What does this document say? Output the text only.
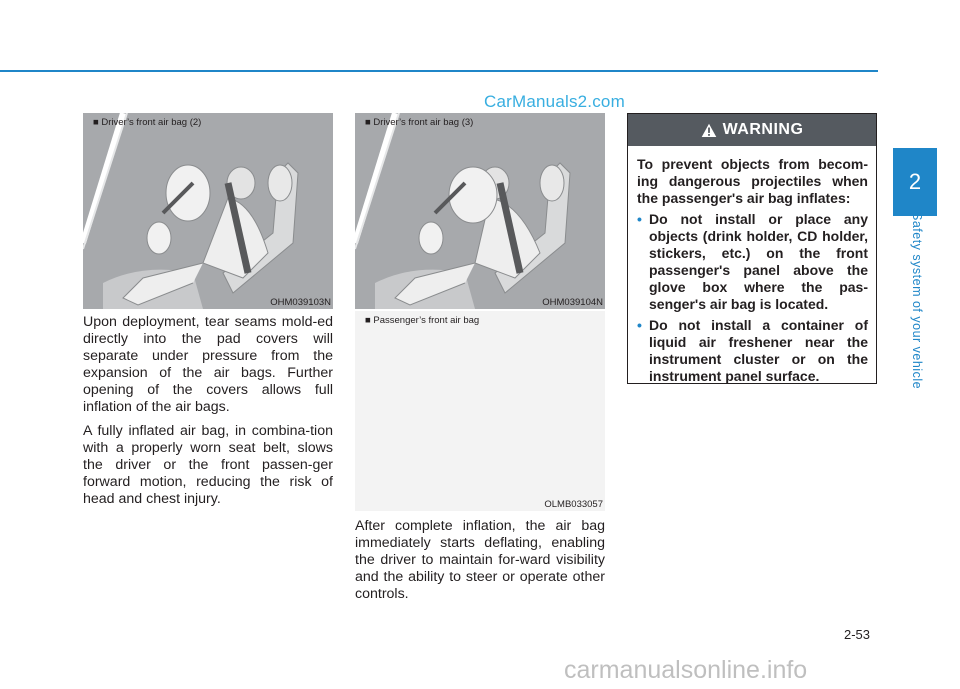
CarManuals2.com
■ Driver’s front air bag (2)
OHM039103N
■ Driver’s front air bag (3)
OHM039104N
■ Passenger’s front air bag
OLMB033057

Upon deployment, tear seams mold-ed directly into the pad covers will separate under pressure from the expansion of the air bags. Further opening of the covers allows full inflation of the air bags.

A fully inflated air bag, in combina-tion with a properly worn seat belt, slows the driver or the front passen-ger forward motion, reducing the risk of head and chest injury.

After complete inflation, the air bag immediately starts deflating, enabling the driver to maintain for-ward visibility and the ability to steer or operate other controls.

WARNING

To prevent objects from becom-ing dangerous projectiles when the passenger's air bag inflates:

• Do not install or place any objects (drink holder, CD holder, stickers, etc.) on the front passenger's panel above the glove box where the pas-senger's air bag is located.
• Do not install a container of liquid air freshener near the instrument cluster or on the instrument panel surface.
2
Safety system of your vehicle
2-53
carmanualsonline.info
